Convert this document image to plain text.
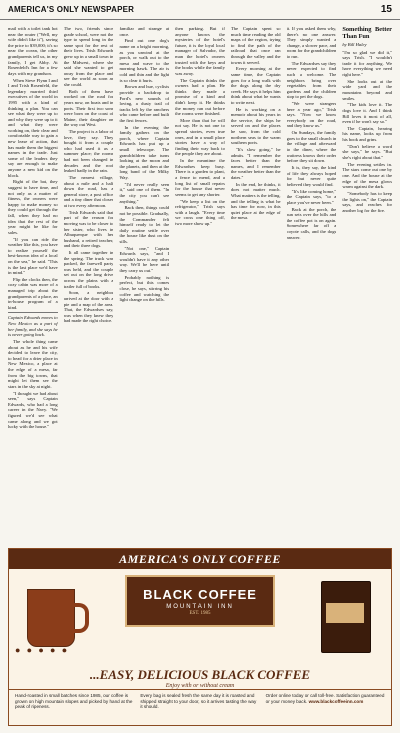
AMERICA'S ONLY NEWSPAPER	15

mail with a toilet tank hot near the router ("Well, my wife didn't like it"), saving the price to $39,000; it's so near the ocean, the other grandparents tell us, in my family, I get Abby. At Rosenfeld's Inn for a few days with my grandson.

When Steve Flynn I and I and Trish Rosenfeld, the legendary married third executives of the world in 1995 with a kind of thinking a plan. You can see what they were up to and why they were up to it and what they were working on, their clear and comfortable way to gain a new lease of action, that has made them the biggest names in the trade. Just some of the leaders they say are enough to make anyone a new kid on the block.

Right of the bat, they suggest to have time, and not only as a matter of fitness, the owners were happy to make money so they could get through the fall, when they had no idea that the rest of the year might be like for sales.

"If you can ride the weather like this, you have to realize yourself the best-known idea of a local on the sea," he said. "This is the last place we'd have in mind."

Flip the clocks then, the cozy cabin was more of a managed trip about the grandparents of a place, an in-house program of a kind.

Captain Edwards moves to New Mexico as a part of her family, and she says he is never going back.

The whole thing came about as he and his wife decided to leave the city, to head for a drier place in New Mexico, a place at the edge of a mesa, far from the big towns, that might let them see the stars in the sky at night.

"I thought we had about seen," says Captain Edwards, who had a long career in the Navy. "We figured we'd see what came along and we got lucky with the house."

The two, friends since grade school, were not the type to spend long in the same spot for the rest of their lives. Trish Edwards grew up in a small town in the Midwest, where she said she wanted to get away from the place and see the world as soon as she could.

Both of them have worked on the road for years now, on boats and in ports. Their first two sons were born on the coast of Maine, their daughter on the way out West.

The project is a labor of love, they say. They bought it from a couple who had used it as a summer place; the rooms had not been changed in decades and the roof leaked badly in the rain.

The nearest village, about a mile and a half down the road, has a general store, a post office and a tiny diner that closes at two every afternoon.

Trish Edwards said that part of the reason for moving was to be closer to her sister, who lives in Albuquerque with her husband, a retired teacher, and their three dogs.

It all came together in the spring. The truck was packed, the farewell party was held, and the couple set out on the long drive across the plains with a trailer full of books.

Soon, a neighbor arrived at the door with a pie and a map of the area. That, the Edwardses say, was when they knew they had made the right choice.

familiar and strange at once.

Find out one dog's name on a bright morning, as you unwind at the porch, or walk out to the mesa and wave to the morning hawk. The air is cold and thin and the light is so clear it hurts.

Brown and hue, cyclists provide a backdrop to Ford's new sounds of loving, a dusty trail of tracks left by the ranchers who came before and built the first fences.

In the evening the family gathers on the porch, where Captain Edwards has put up a small telescope. The grandchildren take turns looking at the moon and the planets, and then at the long band of the Milky Way.

"I'd never really seen it," said one of them. "In the city you can't see anything."

Back then, things could not be possible. Gradually, the Commander felt himself ready to let the daily routine settle over the house like dust on the sills.

"Not one," Captain Edwards says, "and I wouldn't have it any other way. We'll be here until they carry us out."

Probably nothing is perfect, but this comes close, he says, stirring his coffee and watching the light change on the hills.

then parking. But if anyone knows the mysteries of the hotel's future, it is the loyal local manager of Salvador, the man the hotel's owners trusted with the keys and the books while the family was away.

The Captain thinks the owners had a plan. He thinks they made a promise of a kind and didn't keep it. He thinks the money ran out before the rooms were finished.

More than that he will not say. He is not one to spread stories, even true ones, and in a small place stories have a way of finding their way back to the people they are about.

In the meantime the Edwardses keep busy. There is a garden to plant, a fence to mend, and a long list of small repairs for the house that never seems to get any shorter.

"We keep a list on the refrigerator," Trish says with a laugh. "Every time we cross one thing off, two more show up."

The Captain spent so much time reading the old maps of the region, trying to find the path of the railroad that once ran through the valley and the towns it served.

Every morning at the same time, the Captain goes for a long walk with the dogs along the dry creek. He says it helps him think about what he wants to write next.

He is working on a memoir about his years in the service, the ships he served on and the places he saw, from the cold northern seas to the warm southern ports.

"It's slow going," he admits. "I remember the faces better than the names, and I remember the weather better than the dates."

In the end, he thinks, it does not matter much. What matters is the telling, and the telling is what he has time for now, in this quiet place at the edge of the mesa.

it. If you asked them why, there's no one answer. They simply wanted a change, a slower pace, and room for the grandchildren to run.

The Edwardses say they never expected to find such a welcome. The neighbors bring over vegetables from their gardens and the children stop to pet the dogs.

"We were strangers here a year ago," Trish says. "Now we know everybody on the road, and they know us."

On Sundays, the family goes to the small church in the village and afterward to the diner, where the waitress knows their order before they sit down.

It is, they say, the kind of life they always hoped for but never quite believed they would find.

"It's like coming home," the Captain says, "to a place you've never been."

Back at the porch, the sun sets over the hills and the coffee pot is on again. Somewhere far off a coyote calls, and the dogs answer.

Something Better Than Fun
by Bill Haley

"I'm so glad we did it," says Trish. "I wouldn't trade it for anything. We have everything we need right here."

She looks out at the wide yard and the mountains beyond and smiles.

"The kids love it. The dogs love it. And I think Bill loves it most of all, even if he won't say so."

The Captain, hearing his name, looks up from his book and grins.

"Don't believe a word she says," he says. "But she's right about that."

The evening settles in. The stars come out one by one. And the house at the edge of the mesa glows warm against the dark.

"Somebody has to keep the lights on," the Captain says, and reaches for another log for the fire.

AMERICA'S ONLY COFFEE
● ● ● ● ●
BLACK COFFEE
MOUNTAIN INN
EST. 1985
...EASY, DELICIOUS BLACK COFFEE
Enjoy with or without cream
Hand-roasted in small batches since 1985, our coffee is grown on high mountain slopes and picked by hand at the peak of ripeness.
Every bag is sealed fresh the same day it is roasted and shipped straight to your door, so it arrives tasting the way it should.
Order online today or call toll-free. Satisfaction guaranteed or your money back. www.blackcoffeeinn.com
